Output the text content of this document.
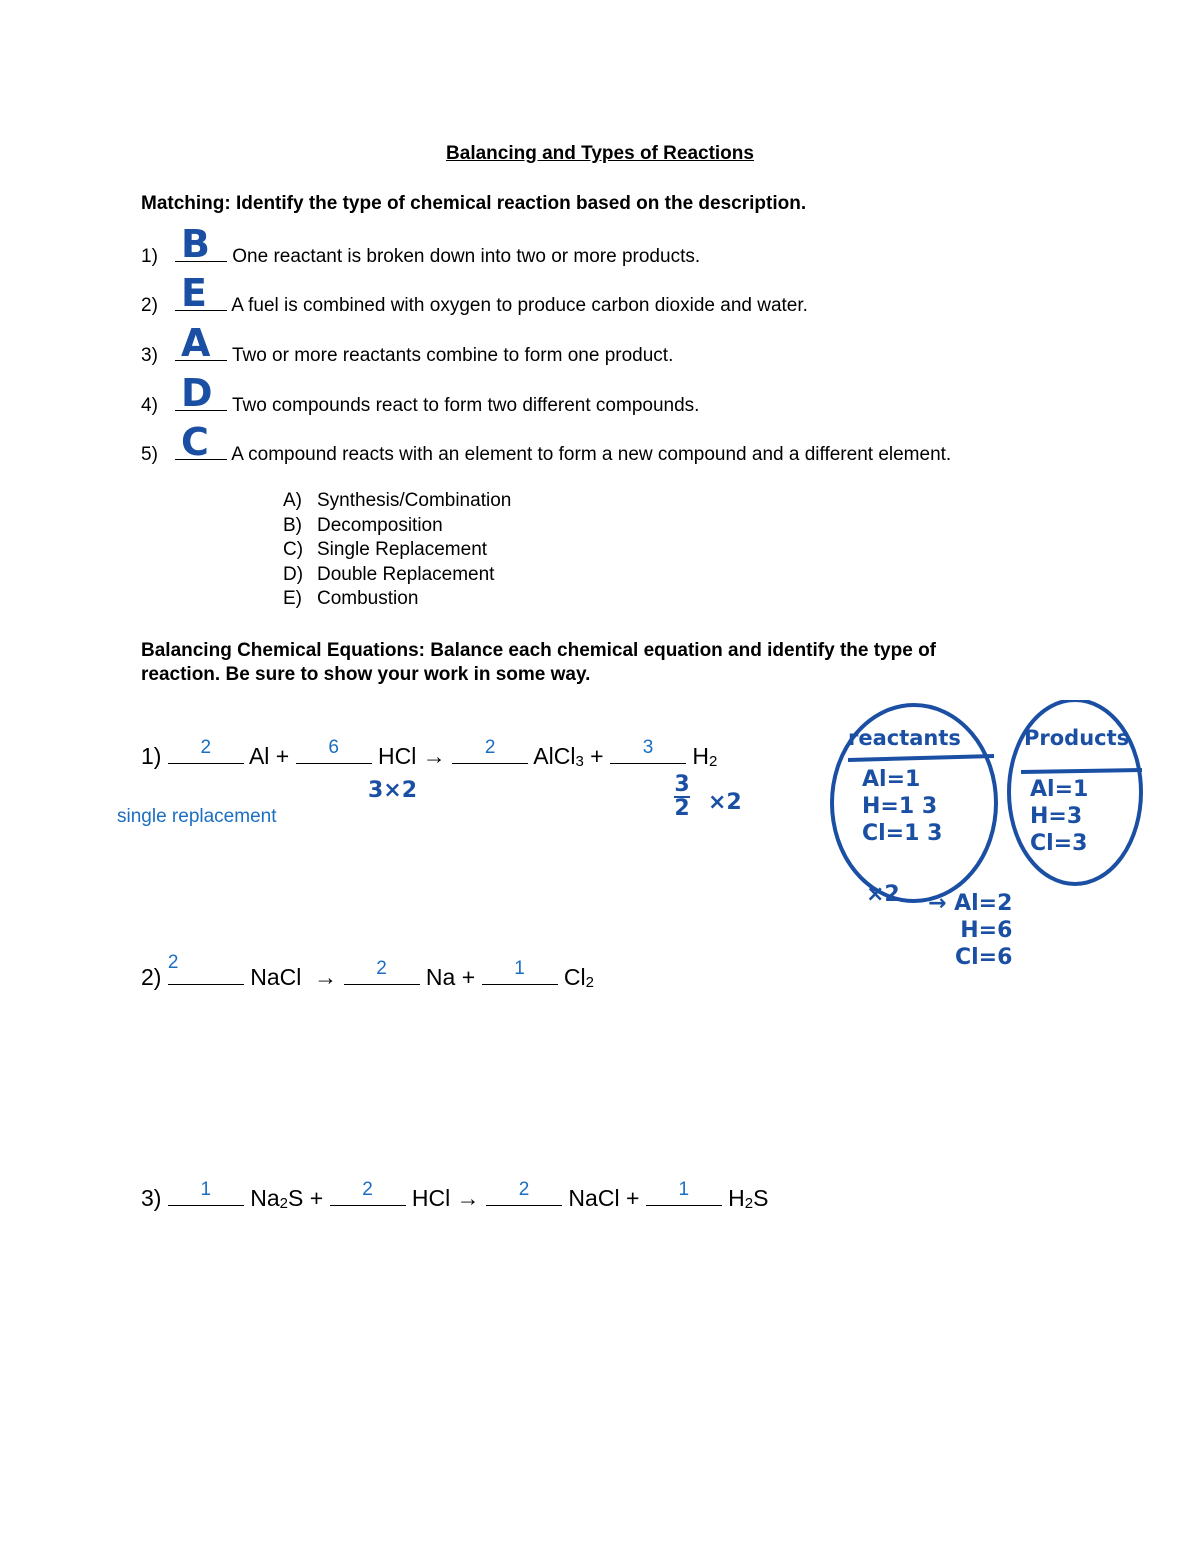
Balancing and Types of Reactions
Matching: Identify the type of chemical reaction based on the description.
1) B One reactant is broken down into two or more products.
2) E A fuel is combined with oxygen to produce carbon dioxide and water.
3) A Two or more reactants combine to form one product.
4) D Two compounds react to form two different compounds.
5) C A compound reacts with an element to form a new compound and a different element.
A) Synthesis/Combination
B) Decomposition
C) Single Replacement
D) Double Replacement
E) Combustion
Balancing Chemical Equations: Balance each chemical equation and identify the type of
reaction. Be sure to show your work in some way.
1)	2	Al +	6	HCl →	2	AlCl$_3$ +	3	$H_2$
single replacement
3×2	3
2 ×2
reactants
Al=1
H=1 3
Cl=1 3
Products
Al=1
H=3
Cl=3
×2 → Al=2
H=6
Cl=6
2)
2
NaCl  →	2	Na +	1	$Cl_2$
3)	1	$Na_2S$ +	2	HCl →	2	NaCl +	1	$H_2S$
